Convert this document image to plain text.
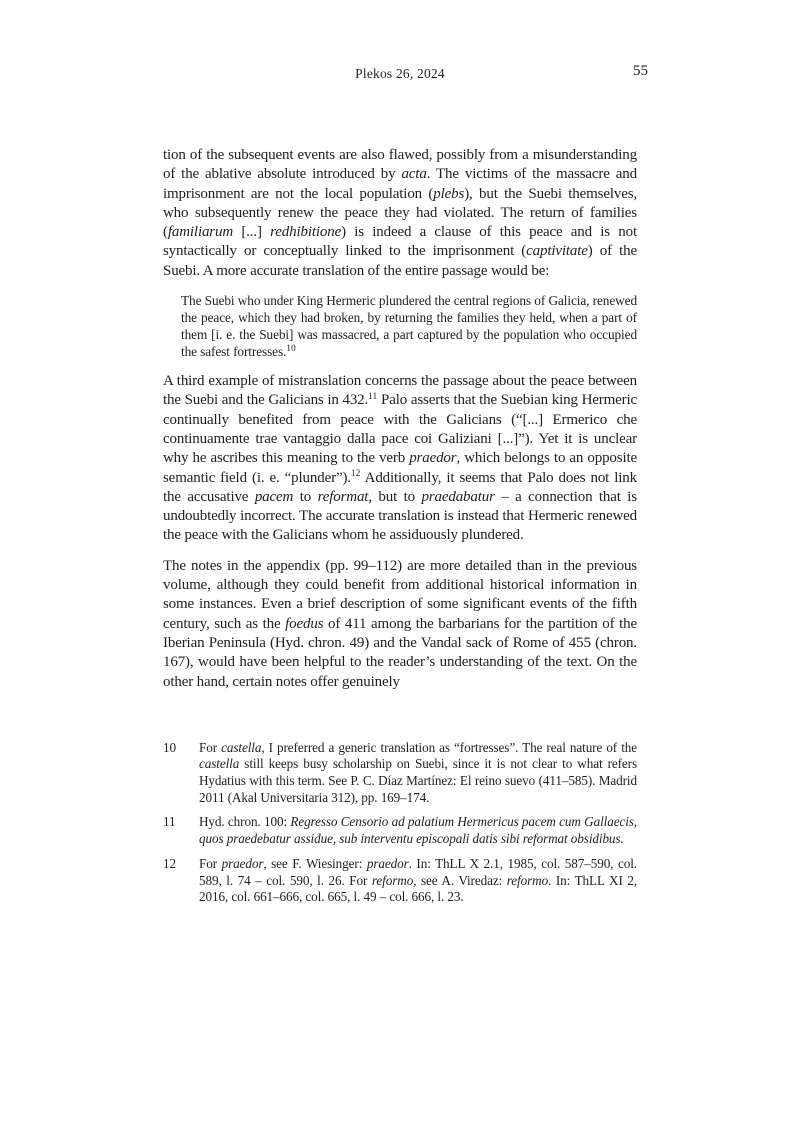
Plekos 26, 2024	55

tion of the subsequent events are also flawed, possibly from a misunderstanding of the ablative absolute introduced by acta. The victims of the massacre and imprisonment are not the local population (plebs), but the Suebi themselves, who subsequently renew the peace they had violated. The return of families (familiarum [...] redhibitione) is indeed a clause of this peace and is not syntactically or conceptually linked to the imprisonment (captivitate) of the Suebi. A more accurate translation of the entire passage would be:

The Suebi who under King Hermeric plundered the central regions of Galicia, renewed the peace, which they had broken, by returning the families they held, when a part of them [i. e. the Suebi] was massacred, a part captured by the population who occupied the safest fortresses.$^{10}$

A third example of mistranslation concerns the passage about the peace between the Suebi and the Galicians in 432.11 Palo asserts that the Suebian king Hermeric continually benefited from peace with the Galicians (“[...] Ermerico che continuamente trae vantaggio dalla pace coi Galiziani [...]”). Yet it is unclear why he ascribes this meaning to the verb praedor, which belongs to an opposite semantic field (i. e. “plunder”).$^{12}$ Additionally, it seems that Palo does not link the accusative pacem to reformat, but to praedabatur – a connection that is undoubtedly incorrect. The accurate translation is instead that Hermeric renewed the peace with the Galicians whom he assiduously plundered.

The notes in the appendix (pp. 99–112) are more detailed than in the previous volume, although they could benefit from additional historical information in some instances. Even a brief description of some significant events of the fifth century, such as the foedus of 411 among the barbarians for the partition of the Iberian Peninsula (Hyd. chron. 49) and the Vandal sack of Rome of 455 (chron. 167), would have been helpful to the reader’s understanding of the text. On the other hand, certain notes offer genuinely

10	For castella, I preferred a generic translation as “fortresses”. The real nature of the castella still keeps busy scholarship on Suebi, since it is not clear to what refers Hydatius with this term. See P. C. Díaz Martínez: El reino suevo (411–585). Madrid 2011 (Akal Universitaria 312), pp. 169–174.
11	Hyd. chron. 100: Regresso Censorio ad palatium Hermericus pacem cum Gallaecis, quos praedebatur assidue, sub interventu episcopali datis sibi reformat obsidibus.
12	For praedor, see F. Wiesinger: praedor. In: ThLL X 2.1, 1985, col. 587–590, col. 589, l. 74 – col. 590, l. 26. For reformo, see A. Viredaz: reformo. In: ThLL XI 2, 2016, col. 661–666, col. 665, l. 49 – col. 666, l. 23.
